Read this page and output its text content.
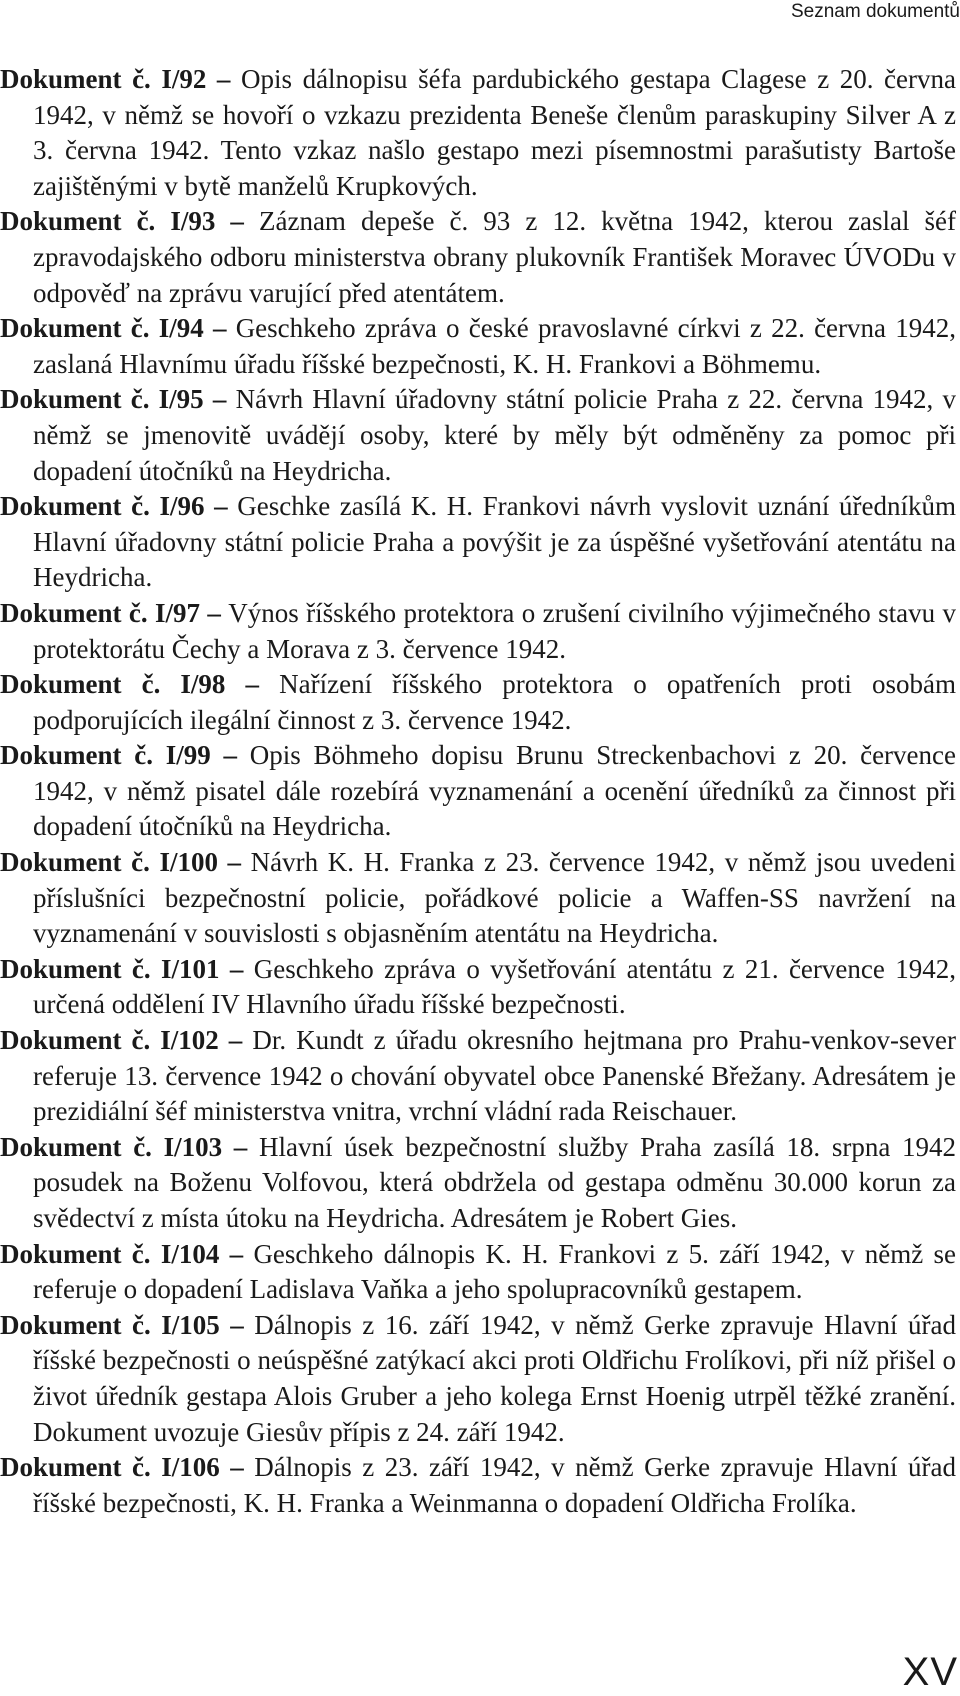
Seznam dokumentů
Dokument č. I/92 – Opis dálnopisu šéfa pardubického gestapa Clagese z 20. června 1942, v němž se hovoří o vzkazu prezidenta Beneše členům paraskupiny Silver A z 3. června 1942. Tento vzkaz našlo gestapo mezi písemnostmi parašutisty Bartoše zajištěnými v bytě manželů Krupkových.
Dokument č. I/93 – Záznam depeše č. 93 z 12. května 1942, kterou zaslal šéf zpravodajského odboru ministerstva obrany plukovník František Moravec ÚVODu v odpověď na zprávu varující před atentátem.
Dokument č. I/94 – Geschkeho zpráva o české pravoslavné církvi z 22. června 1942, zaslaná Hlavnímu úřadu říšské bezpečnosti, K. H. Frankovi a Böhmemu.
Dokument č. I/95 – Návrh Hlavní úřadovny státní policie Praha z 22. června 1942, v němž se jmenovitě uvádějí osoby, které by měly být odměněny za pomoc při dopadení útočníků na Heydricha.
Dokument č. I/96 – Geschke zasílá K. H. Frankovi návrh vyslovit uznání úředníkům Hlavní úřadovny státní policie Praha a povýšit je za úspěšné vyšetřování atentátu na Heydricha.
Dokument č. I/97 – Výnos říšského protektora o zrušení civilního výjimečného stavu v protektorátu Čechy a Morava z 3. července 1942.
Dokument č. I/98 – Nařízení říšského protektora o opatřeních proti osobám podporujících ilegální činnost z 3. července 1942.
Dokument č. I/99 – Opis Böhmeho dopisu Brunu Streckenbachovi z 20. července 1942, v němž pisatel dále rozebírá vyznamenání a ocenění úředníků za činnost při dopadení útočníků na Heydricha.
Dokument č. I/100 – Návrh K. H. Franka z 23. července 1942, v němž jsou uvedeni příslušníci bezpečnostní policie, pořádkové policie a Waffen-SS navržení na vyznamenání v souvislosti s objasněním atentátu na Heydricha.
Dokument č. I/101 – Geschkeho zpráva o vyšetřování atentátu z 21. července 1942, určená oddělení IV Hlavního úřadu říšské bezpečnosti.
Dokument č. I/102 – Dr. Kundt z úřadu okresního hejtmana pro Prahu-venkov-sever referuje 13. července 1942 o chování obyvatel obce Panenské Břežany. Adresátem je prezidiální šéf ministerstva vnitra, vrchní vládní rada Reischauer.
Dokument č. I/103 – Hlavní úsek bezpečnostní služby Praha zasílá 18. srpna 1942 posudek na Boženu Volfovou, která obdržela od gestapa odměnu 30.000 korun za svědectví z místa útoku na Heydricha. Adresátem je Robert Gies.
Dokument č. I/104 – Geschkeho dálnopis K. H. Frankovi z 5. září 1942, v němž se referuje o dopadení Ladislava Vaňka a jeho spolupracovníků gestapem.
Dokument č. I/105 – Dálnopis z 16. září 1942, v němž Gerke zpravuje Hlavní úřad říšské bezpečnosti o neúspěšné zatýkací akci proti Oldřichu Frolíkovi, při níž přišel o život úředník gestapa Alois Gruber a jeho kolega Ernst Hoenig utrpěl těžké zranění. Dokument uvozuje Giesův přípis z 24. září 1942.
Dokument č. I/106 – Dálnopis z 23. září 1942, v němž Gerke zpravuje Hlavní úřad říšské bezpečnosti, K. H. Franka a Weinmanna o dopadení Oldřicha Frolíka.
XV
